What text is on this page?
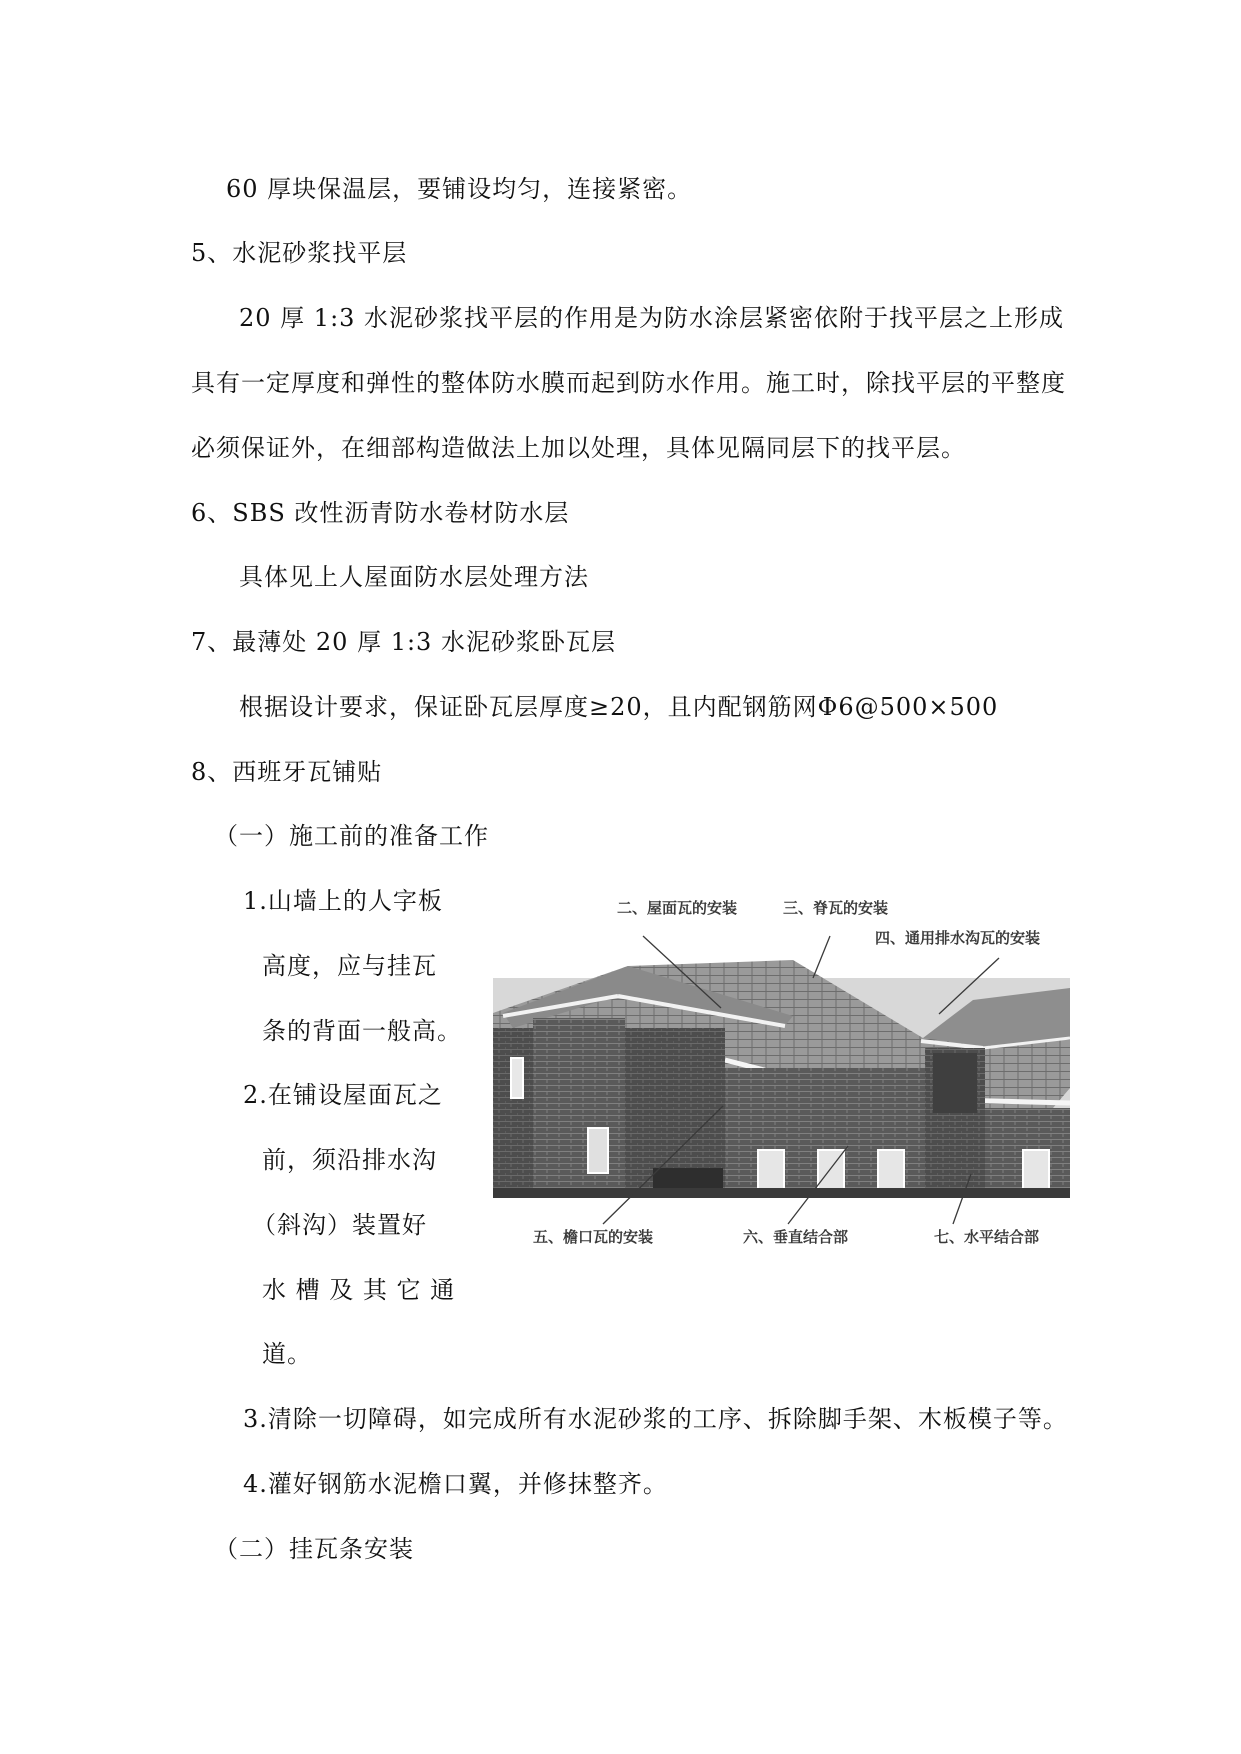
60 厚块保温层，要铺设均匀，连接紧密。
5、水泥砂浆找平层
20 厚 1:3 水泥砂浆找平层的作用是为防水涂层紧密依附于找平层之上形成
具有一定厚度和弹性的整体防水膜而起到防水作用。施工时，除找平层的平整度
必须保证外，在细部构造做法上加以处理，具体见隔同层下的找平层。
6、SBS 改性沥青防水卷材防水层
具体见上人屋面防水层处理方法
7、最薄处 20 厚 1:3 水泥砂浆卧瓦层
根据设计要求，保证卧瓦层厚度≥20，且内配钢筋网Φ6@500×500
8、西班牙瓦铺贴
（一）施工前的准备工作
1.山墙上的人字板
高度，应与挂瓦
条的背面一般高。
2.在铺设屋面瓦之
前，须沿排水沟
（斜沟）装置好
水 槽 及 其 它 通
道。
3.清除一切障碍，如完成所有水泥砂浆的工序、拆除脚手架、木板模子等。
4.灌好钢筋水泥檐口翼，并修抹整齐。
（二）挂瓦条安装
二、屋面瓦的安装	三、脊瓦的安装
四、通用排水沟瓦的安装
五、檐口瓦的安装	六、垂直结合部	七、水平结合部
